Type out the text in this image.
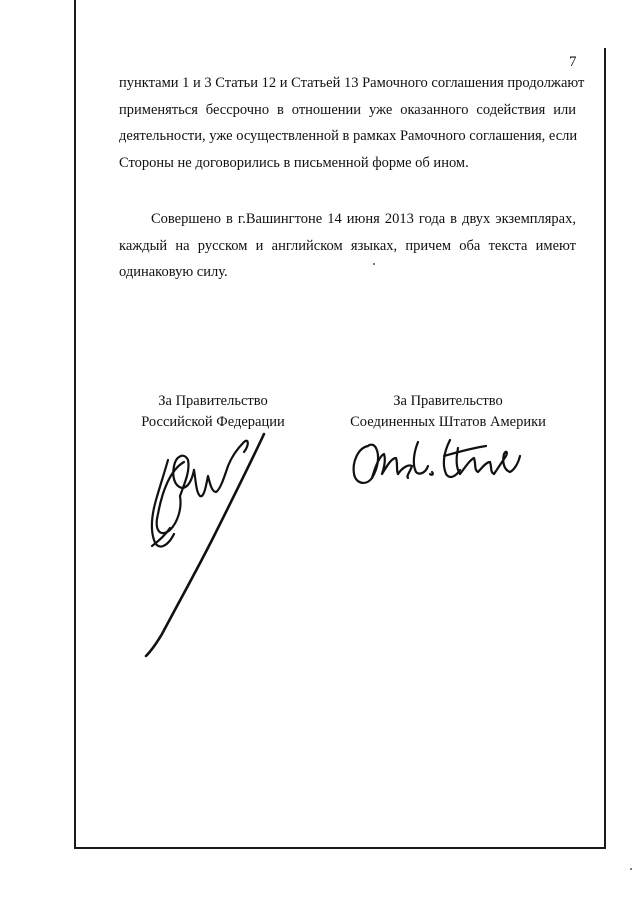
7

пунктами 1 и 3 Статьи 12 и Статьей 13 Рамочного соглашения продолжают
применяться бессрочно в отношении уже оказанного содействия или
деятельности, уже осуществленной в рамках Рамочного соглашения, если
Стороны не договорились в письменной форме об ином.

Совершено в г.Вашингтоне 14 июня 2013 года в двух экземплярах,
каждый на русском и английском языках, причем оба текста имеют
одинаковую силу.

За Правительство
Российской Федерации
За Правительство
Соединенных Штатов Америки
